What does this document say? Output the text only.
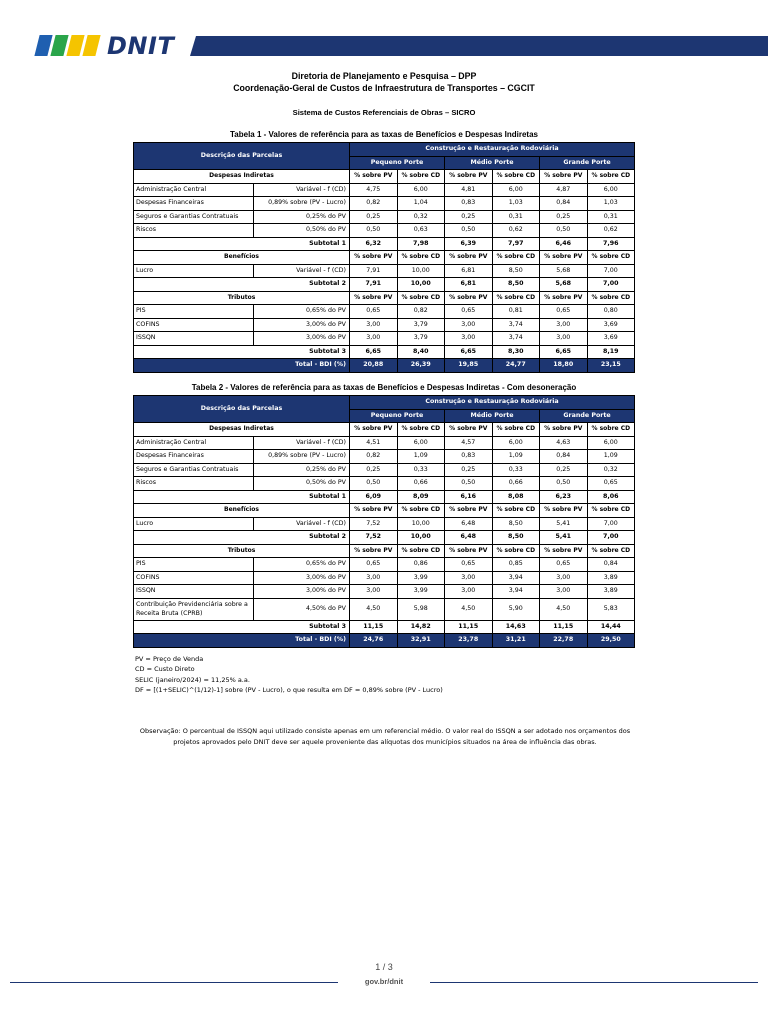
DNIT
Diretoria de Planejamento e Pesquisa – DPP
Coordenação-Geral de Custos de Infraestrutura de Transportes – CGCIT
Sistema de Custos Referenciais de Obras – SICRO
Tabela 1 - Valores de referência para as taxas de Benefícios e Despesas Indiretas
Descrição das Parcelas		Construção e Restauração Rodoviária					
		Pequeno Porte		Médio Porte		Grande Porte	
Despesas Indiretas		% sobre PV	% sobre CD	% sobre PV	% sobre CD	% sobre PV	% sobre CD
Administração Central	Variável - f (CD)	4,75	6,00	4,81	6,00	4,87	6,00
Despesas Financeiras	0,89% sobre (PV - Lucro)	0,82	1,04	0,83	1,03	0,84	1,03
Seguros e Garantias Contratuais	0,25% do PV	0,25	0,32	0,25	0,31	0,25	0,31
Riscos	0,50% do PV	0,50	0,63	0,50	0,62	0,50	0,62
Subtotal 1		6,32	7,98	6,39	7,97	6,46	7,96
Benefícios		% sobre PV	% sobre CD	% sobre PV	% sobre CD	% sobre PV	% sobre CD
Lucro	Variável - f (CD)	7,91	10,00	6,81	8,50	5,68	7,00
Subtotal 2		7,91	10,00	6,81	8,50	5,68	7,00
Tributos		% sobre PV	% sobre CD	% sobre PV	% sobre CD	% sobre PV	% sobre CD
PIS	0,65% do PV	0,65	0,82	0,65	0,81	0,65	0,80
COFINS	3,00% do PV	3,00	3,79	3,00	3,74	3,00	3,69
ISSQN	3,00% do PV	3,00	3,79	3,00	3,74	3,00	3,69
Subtotal 3		6,65	8,40	6,65	8,30	6,65	8,19
Total - BDI (%)		20,88	26,39	19,85	24,77	18,80	23,15
Tabela 2 - Valores de referência para as taxas de Benefícios e Despesas Indiretas - Com desoneração
Descrição das Parcelas		Construção e Restauração Rodoviária					
		Pequeno Porte		Médio Porte		Grande Porte	
Despesas Indiretas		% sobre PV	% sobre CD	% sobre PV	% sobre CD	% sobre PV	% sobre CD
Administração Central	Variável - f (CD)	4,51	6,00	4,57	6,00	4,63	6,00
Despesas Financeiras	0,89% sobre (PV - Lucro)	0,82	1,09	0,83	1,09	0,84	1,09
Seguros e Garantias Contratuais	0,25% do PV	0,25	0,33	0,25	0,33	0,25	0,32
Riscos	0,50% do PV	0,50	0,66	0,50	0,66	0,50	0,65
Subtotal 1		6,09	8,09	6,16	8,08	6,23	8,06
Benefícios		% sobre PV	% sobre CD	% sobre PV	% sobre CD	% sobre PV	% sobre CD
Lucro	Variável - f (CD)	7,52	10,00	6,48	8,50	5,41	7,00
Subtotal 2		7,52	10,00	6,48	8,50	5,41	7,00
Tributos		% sobre PV	% sobre CD	% sobre PV	% sobre CD	% sobre PV	% sobre CD
PIS	0,65% do PV	0,65	0,86	0,65	0,85	0,65	0,84
COFINS	3,00% do PV	3,00	3,99	3,00	3,94	3,00	3,89
ISSQN	3,00% do PV	3,00	3,99	3,00	3,94	3,00	3,89
Contribuição Previdenciária sobre a Receita Bruta (CPRB)	4,50% do PV	4,50	5,98	4,50	5,90	4,50	5,83
Subtotal 3		11,15	14,82	11,15	14,63	11,15	14,44
Total - BDI (%)		24,76	32,91	23,78	31,21	22,78	29,50
PV = Preço de Venda
CD = Custo Direto
SELIC (janeiro/2024) = 11,25% a.a.
DF = [(1+SELIC)^(1/12)-1] sobre (PV - Lucro), o que resulta em DF = 0,89% sobre (PV - Lucro)
Observação: O percentual de ISSQN aqui utilizado consiste apenas em um referencial médio. O valor real do ISSQN a ser adotado nos orçamentos dos projetos aprovados pelo DNIT deve ser aquele proveniente das alíquotas dos municípios situados na área de influência das obras.
1 / 3
gov.br/dnit
